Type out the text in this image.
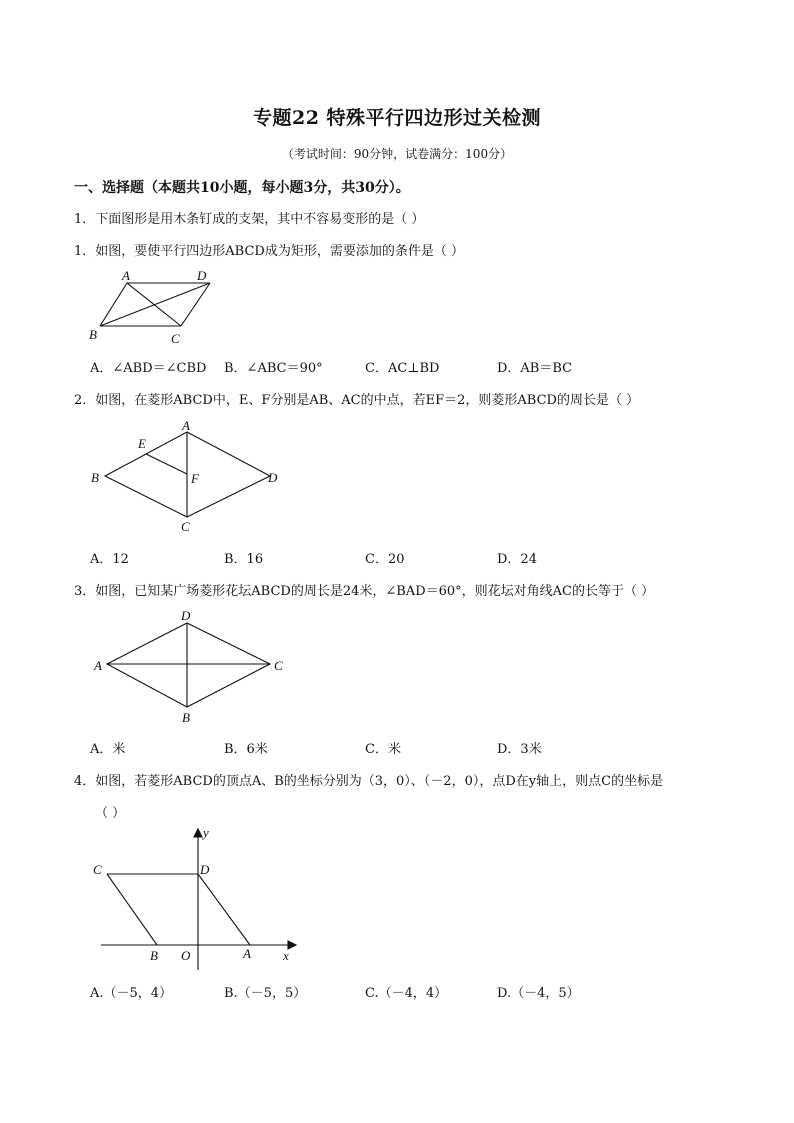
专题22 特殊平行四边形过关检测
（考试时间：90分钟，试卷满分：100分）
一、选择题（本题共10小题，每小题3分，共30分）。
1．下面图形是用木条钉成的支架，其中不容易变形的是（ ）
1．如图，要使平行四边形ABCD成为矩形，需要添加的条件是（ ）
A	D
B	C
A．∠ABD＝∠CBD B．∠ABC＝90°	C．AC⊥BD	D．AB＝BC
2．如图，在菱形ABCD中，E、F分别是AB、AC的中点，若EF＝2，则菱形ABCD的周长是（ ）
A
E
B	F	D
C
A．12	B．16	C．20	D．24
3．如图，已知某广场菱形花坛ABCD的周长是24米，∠BAD＝60°，则花坛对角线AC的长等于（ ）
D
A	C
B
A．米	B．6米	C．米	D．3米
4．如图，若菱形ABCD的顶点A、B的坐标分别为（3，0）、（－2，0），点D在y轴上，则点C的坐标是
（ ）
y
C	D
B O	A x
A.（－5，4）	B.（－5，5）	C.（－4，4）	D.（－4，5）
